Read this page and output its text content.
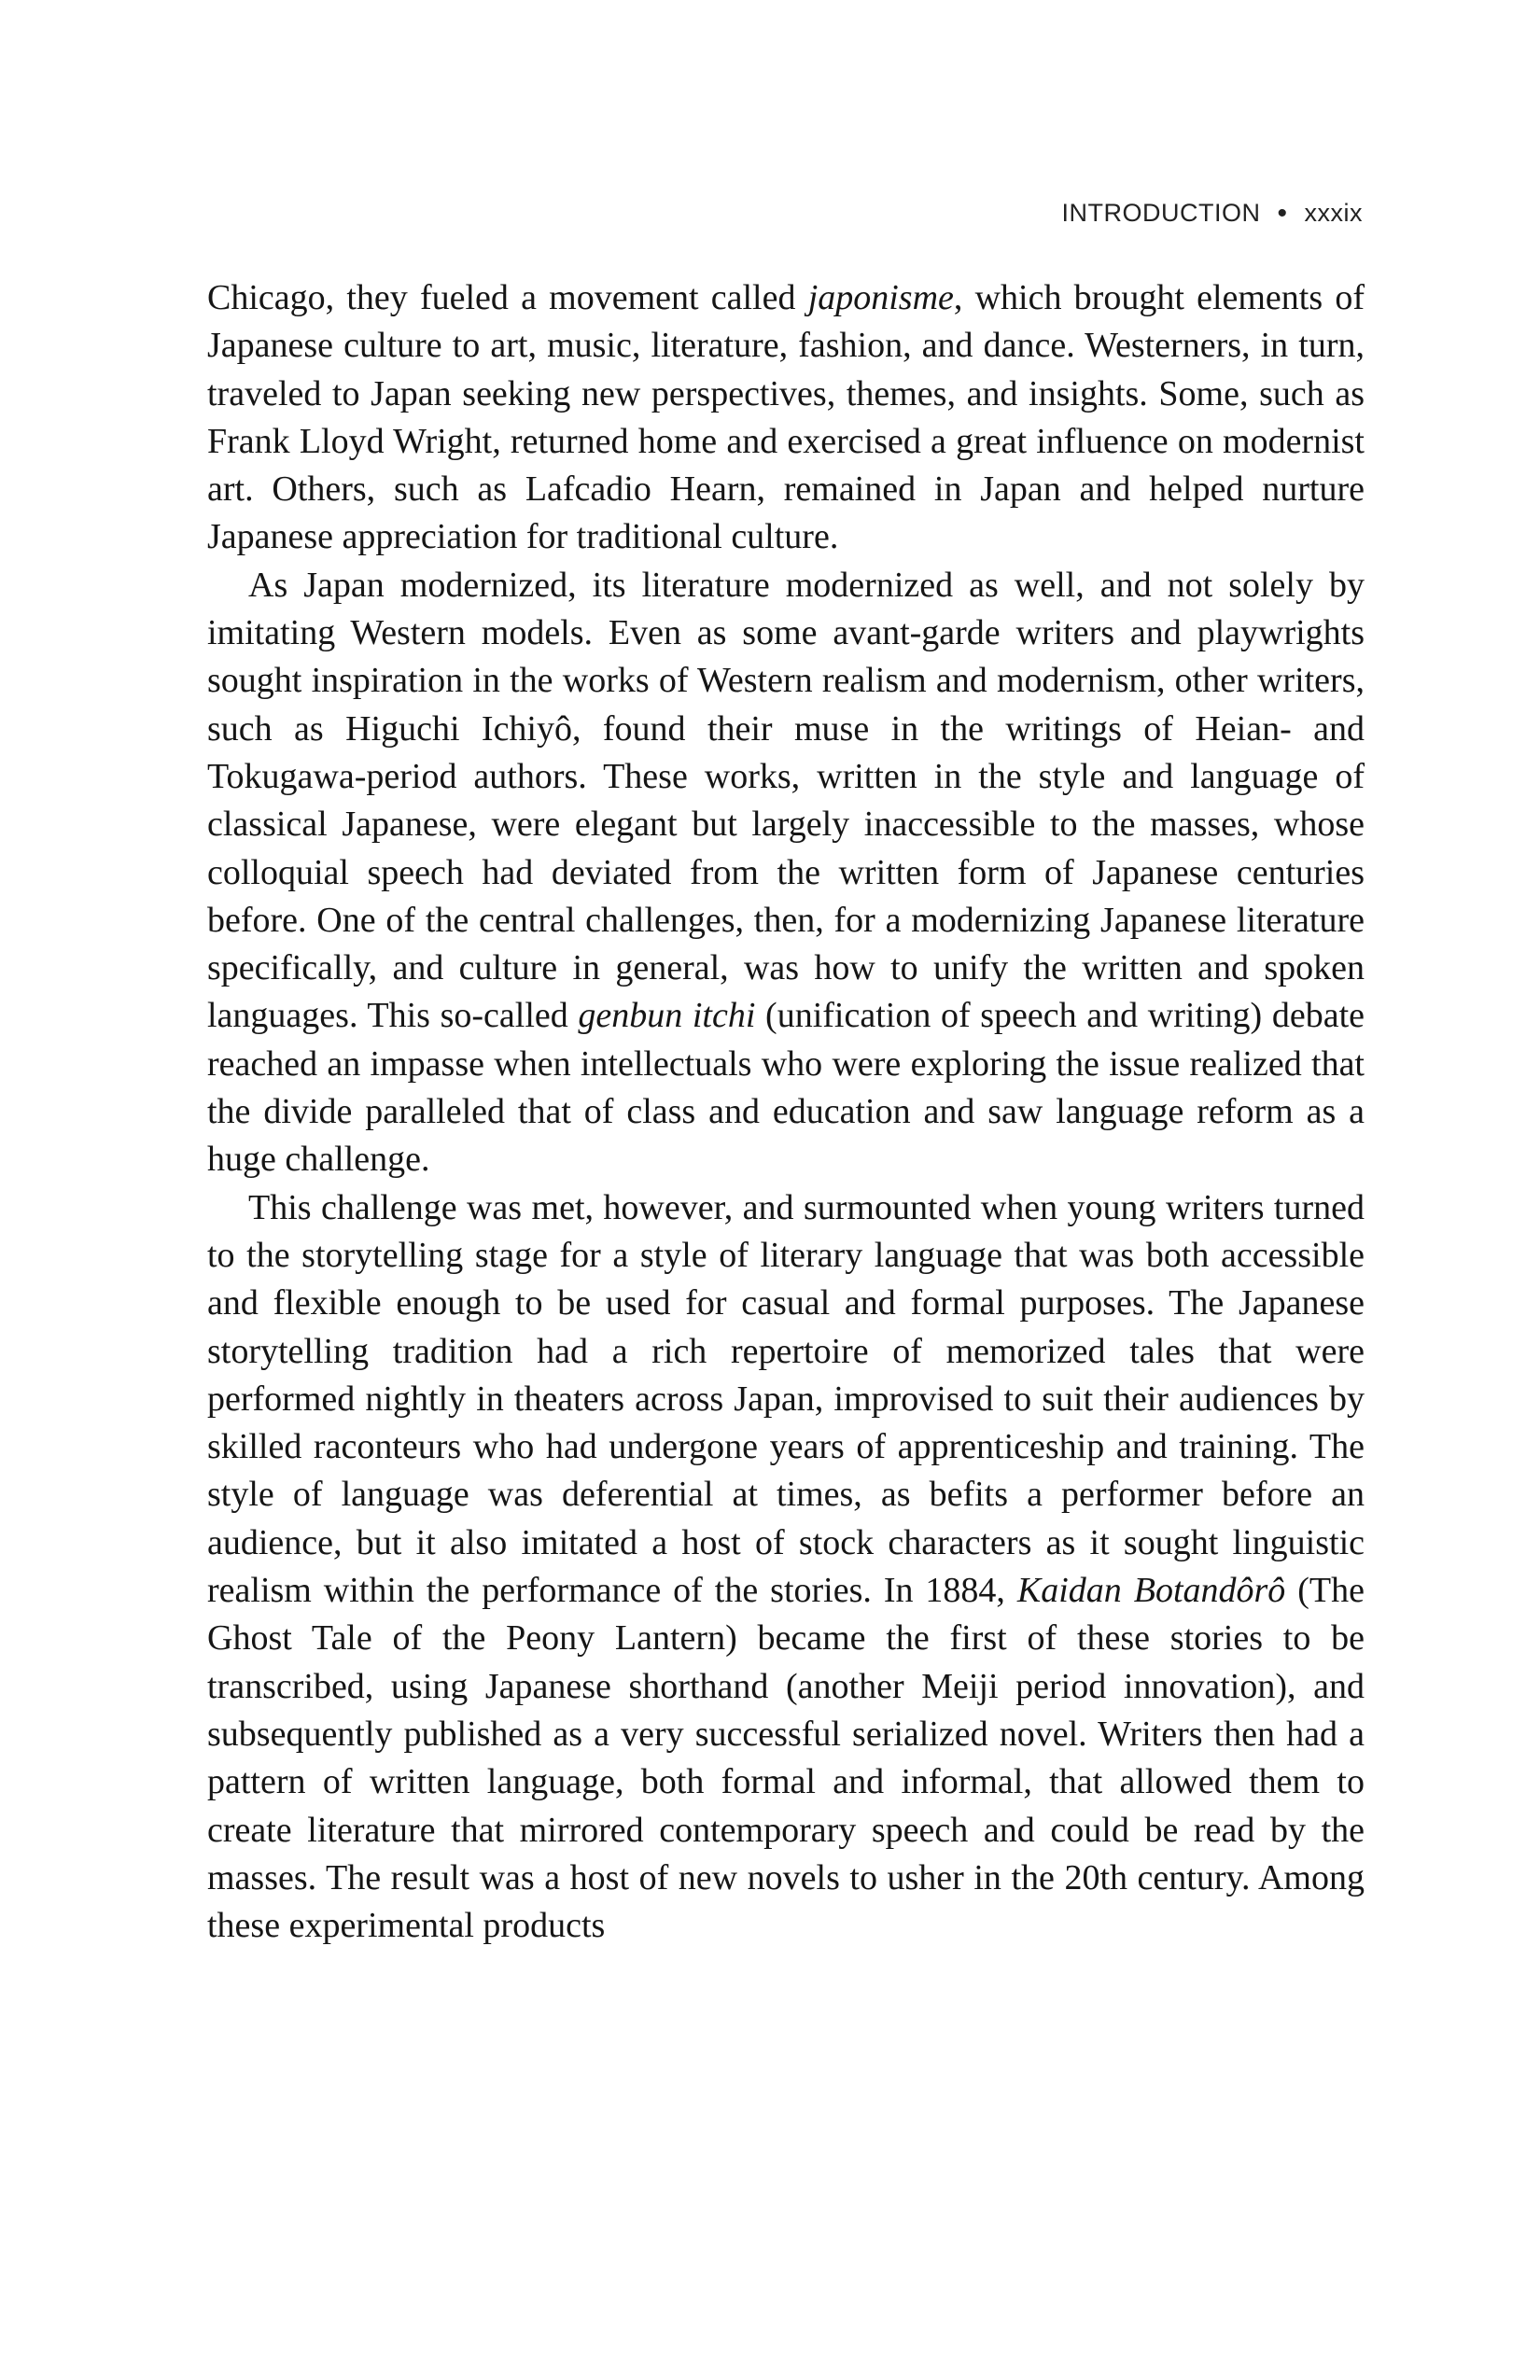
INTRODUCTION • xxxix

Chicago, they fueled a movement called japonisme, which brought elements of Japanese culture to art, music, literature, fashion, and dance. Westerners, in turn, traveled to Japan seeking new perspectives, themes, and insights. Some, such as Frank Lloyd Wright, returned home and exercised a great influence on modernist art. Others, such as Lafcadio Hearn, remained in Japan and helped nurture Japanese appreciation for traditional culture.

As Japan modernized, its literature modernized as well, and not solely by imitating Western models. Even as some avant-garde writers and playwrights sought inspiration in the works of Western realism and modernism, other writers, such as Higuchi Ichiyô, found their muse in the writings of Heian- and Tokugawa-period authors. These works, written in the style and language of classical Japanese, were elegant but largely inaccessible to the masses, whose colloquial speech had deviated from the written form of Japanese centuries before. One of the central challenges, then, for a modernizing Japanese literature specifically, and culture in general, was how to unify the written and spoken languages. This so-called genbun itchi (unification of speech and writing) debate reached an impasse when intellectuals who were exploring the issue realized that the divide paralleled that of class and education and saw language reform as a huge challenge.

This challenge was met, however, and surmounted when young writers turned to the storytelling stage for a style of literary language that was both accessible and flexible enough to be used for casual and formal purposes. The Japanese storytelling tradition had a rich repertoire of memorized tales that were performed nightly in theaters across Japan, improvised to suit their audiences by skilled raconteurs who had undergone years of apprenticeship and training. The style of language was deferential at times, as befits a performer before an audience, but it also imitated a host of stock characters as it sought linguistic realism within the performance of the stories. In 1884, Kaidan Botandôrô (The Ghost Tale of the Peony Lantern) became the first of these stories to be transcribed, using Japanese shorthand (another Meiji period innovation), and subsequently published as a very successful serialized novel. Writers then had a pattern of written language, both formal and informal, that allowed them to create literature that mirrored contemporary speech and could be read by the masses. The result was a host of new novels to usher in the 20th century. Among these experimental products
